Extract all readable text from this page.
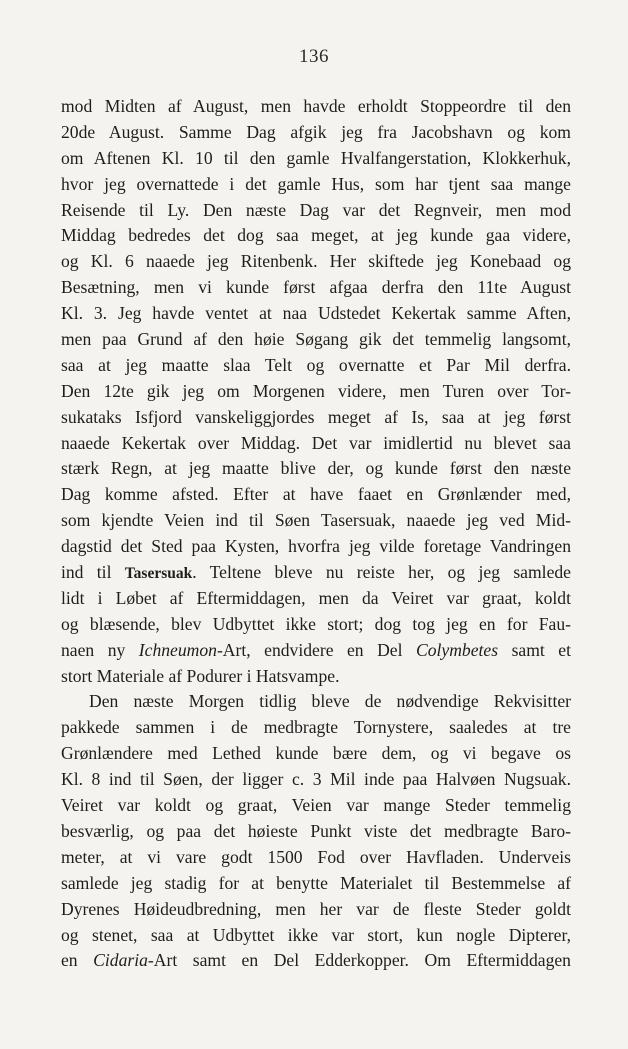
136
mod Midten af August, men havde erholdt Stoppeordre til den
20de August. Samme Dag afgik jeg fra Jacobshavn og kom
om Aftenen Kl. 10 til den gamle Hvalfangerstation, Klokkerhuk,
hvor jeg overnattede i det gamle Hus, som har tjent saa mange
Reisende til Ly. Den næste Dag var det Regnveir, men mod
Middag bedredes det dog saa meget, at jeg kunde gaa videre,
og Kl. 6 naaede jeg Ritenbenk. Her skiftede jeg Konebaad og
Besætning, men vi kunde først afgaa derfra den 11te August
Kl. 3. Jeg havde ventet at naa Udstedet Kekertak samme Aften,
men paa Grund af den høie Søgang gik det temmelig langsomt,
saa at jeg maatte slaa Telt og overnatte et Par Mil derfra.
Den 12te gik jeg om Morgenen videre, men Turen over Tor-
sukataks Isfjord vanskeliggjordes meget af Is, saa at jeg først
naaede Kekertak over Middag. Det var imidlertid nu blevet saa
stærk Regn, at jeg maatte blive der, og kunde først den næste
Dag komme afsted. Efter at have faaet en Grønlænder med,
som kjendte Veien ind til Søen Tasersuak, naaede jeg ved Mid-
dagstid det Sted paa Kysten, hvorfra jeg vilde foretage Vandringen
ind til Tasersuak. Teltene bleve nu reiste her, og jeg samlede
lidt i Løbet af Eftermiddagen, men da Veiret var graat, koldt
og blæsende, blev Udbyttet ikke stort; dog tog jeg en for Fau-
naen ny Ichneumon-Art, endvidere en Del Colymbetes samt et
stort Materiale af Podurer i Hatsvampe.
Den næste Morgen tidlig bleve de nødvendige Rekvisitter
pakkede sammen i de medbragte Tornystere, saaledes at tre
Grønlændere med Lethed kunde bære dem, og vi begave os
Kl. 8 ind til Søen, der ligger c. 3 Mil inde paa Halvøen Nugsuak.
Veiret var koldt og graat, Veien var mange Steder temmelig
besværlig, og paa det høieste Punkt viste det medbragte Baro-
meter, at vi vare godt 1500 Fod over Havfladen. Underveis
samlede jeg stadig for at benytte Materialet til Bestemmelse af
Dyrenes Høideudbredning, men her var de fleste Steder goldt
og stenet, saa at Udbyttet ikke var stort, kun nogle Dipterer,
en Cidaria-Art samt en Del Edderkopper. Om Eftermiddagen
